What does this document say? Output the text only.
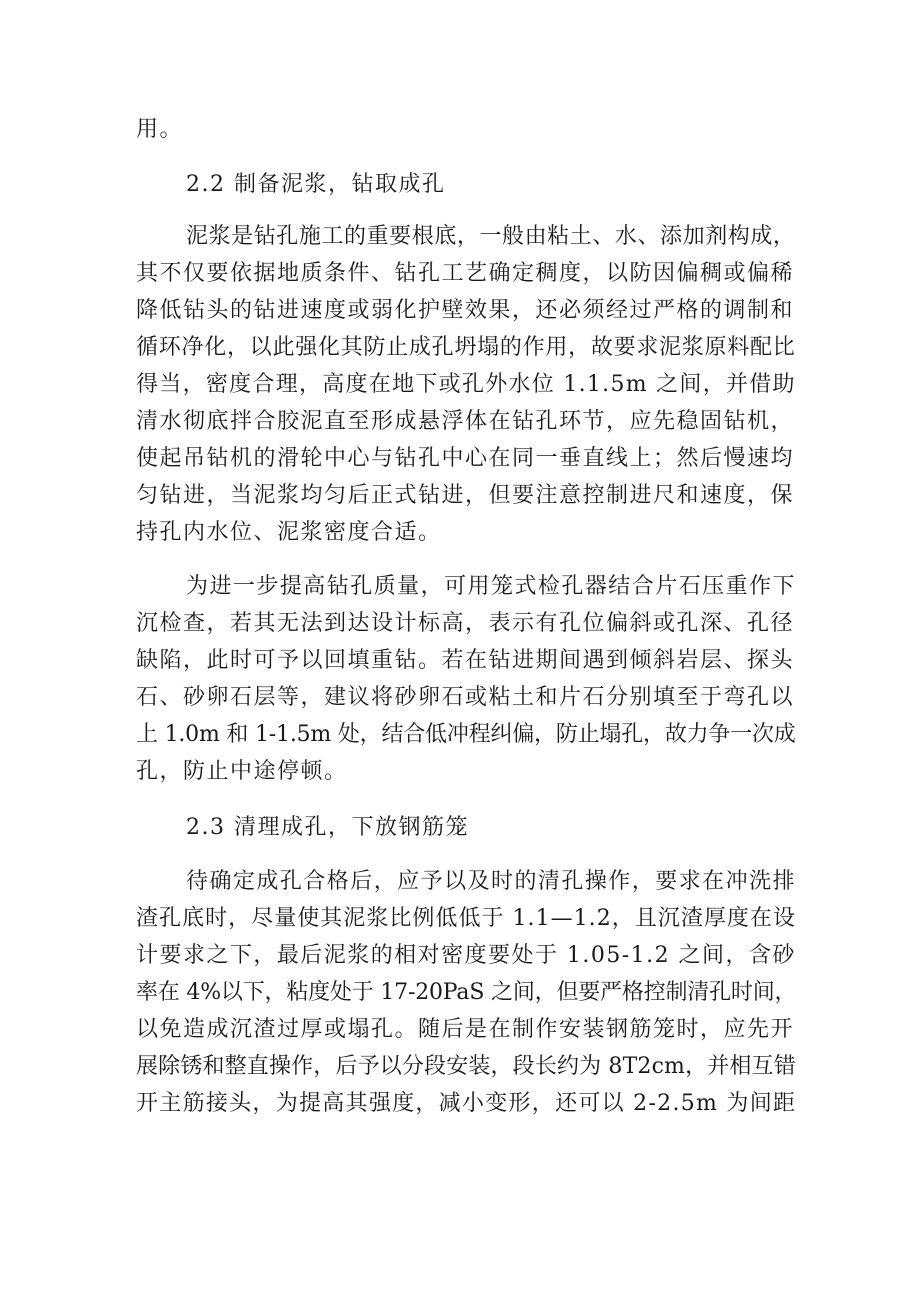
用。
2.2 制备泥浆，钻取成孔
泥浆是钻孔施工的重要根底，一般由粘土、水、添加剂构成，
其不仅要依据地质条件、钻孔工艺确定稠度，以防因偏稠或偏稀
降低钻头的钻进速度或弱化护壁效果，还必须经过严格的调制和
循环净化，以此强化其防止成孔坍塌的作用，故要求泥浆原料配比
得当，密度合理，高度在地下或孔外水位 1.1.5m 之间，并借助
清水彻底拌合胶泥直至形成悬浮体在钻孔环节，应先稳固钻机，
使起吊钻机的滑轮中心与钻孔中心在同一垂直线上；然后慢速均
匀钻进，当泥浆均匀后正式钻进，但要注意控制进尺和速度，保
持孔内水位、泥浆密度合适。
为进一步提高钻孔质量，可用笼式检孔器结合片石压重作下
沉检查，若其无法到达设计标高，表示有孔位偏斜或孔深、孔径
缺陷，此时可予以回填重钻。若在钻进期间遇到倾斜岩层、探头
石、砂卵石层等，建议将砂卵石或粘土和片石分别填至于弯孔以
上 1.0m 和 1-1.5m 处，结合低冲程纠偏，防止塌孔，故力争一次成
孔，防止中途停顿。
2.3 清理成孔，下放钢筋笼
待确定成孔合格后，应予以及时的清孔操作，要求在冲洗排
渣孔底时，尽量使其泥浆比例低低于 1.1—1.2，且沉渣厚度在设
计要求之下，最后泥浆的相对密度要处于 1.05-1.2 之间，含砂
率在 4%以下，粘度处于 17-20PaS 之间，但要严格控制清孔时间，
以免造成沉渣过厚或塌孔。随后是在制作安装钢筋笼时，应先开
展除锈和整直操作，后予以分段安装，段长约为 8T2cm，并相互错
开主筋接头，为提高其强度，减小变形，还可以 2-2.5m 为间距
